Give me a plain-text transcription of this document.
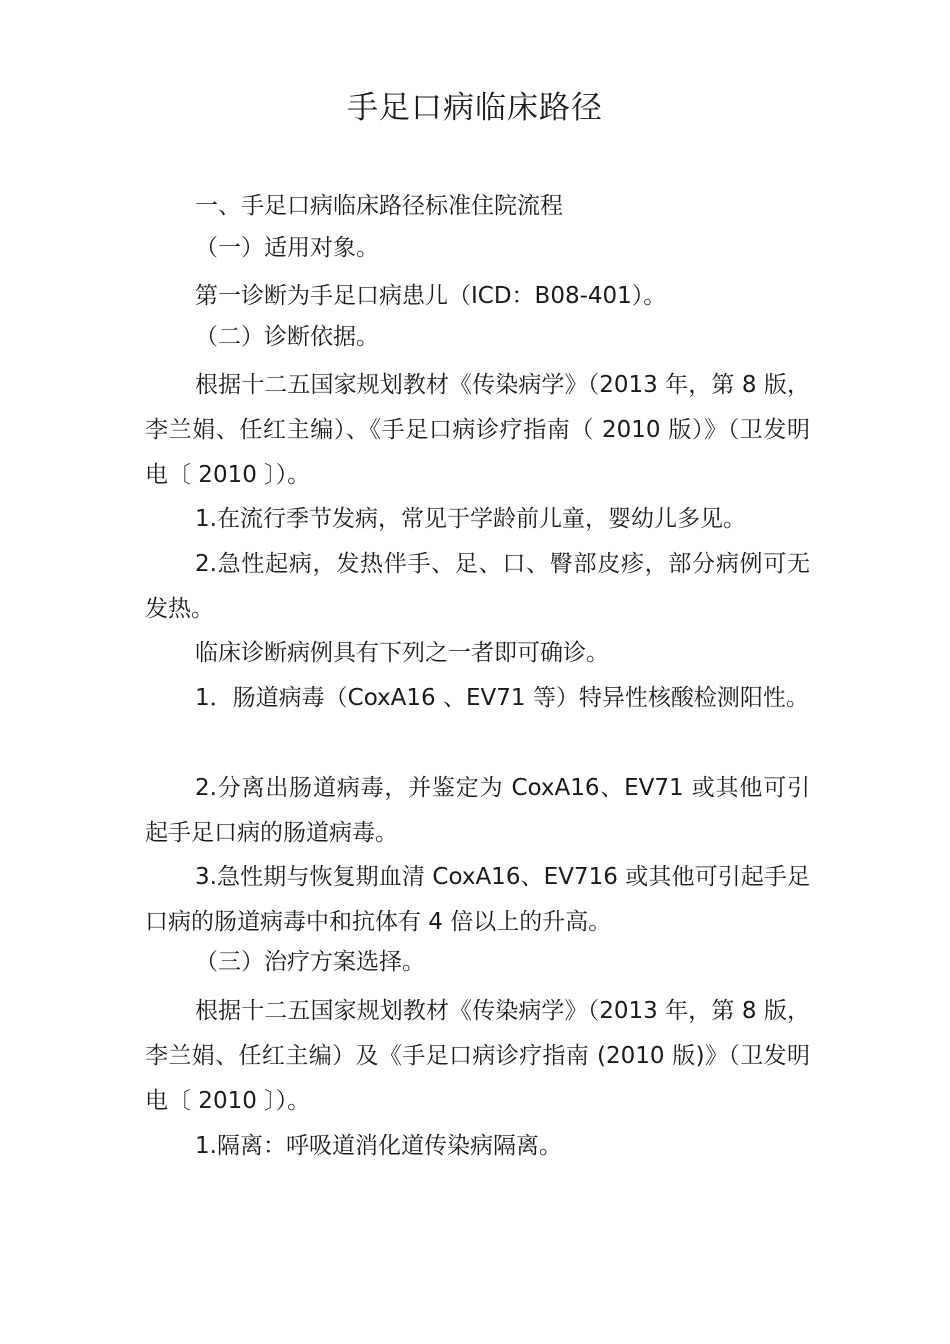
手足口病临床路径

一、手足口病临床路径标准住院流程

（一）适用对象。

第一诊断为手足口病患儿（ICD：B08-401）。

（二）诊断依据。

根据十二五国家规划教材《传染病学》（2013 年，第 8 版，李兰娟、任红主编）、《手足口病诊疗指南（ 2010 版）》（卫发明电〔 2010 〕）。

1.在流行季节发病，常见于学龄前儿童，婴幼儿多见。

2.急性起病，发热伴手、足、口、臀部皮疹，部分病例可无发热。

临床诊断病例具有下列之一者即可确诊。

1．肠道病毒（CoxA16 、EV71 等）特异性核酸检测阳性。

2.分离出肠道病毒，并鉴定为 CoxA16、EV71 或其他可引起手足口病的肠道病毒。

3.急性期与恢复期血清 CoxA16、EV716 或其他可引起手足口病的肠道病毒中和抗体有 4 倍以上的升高。

（三）治疗方案选择。

根据十二五国家规划教材《传染病学》（2013 年，第 8 版，李兰娟、任红主编）及《手足口病诊疗指南 (2010 版)》（卫发明电〔 2010 〕）。

1.隔离：呼吸道消化道传染病隔离。
